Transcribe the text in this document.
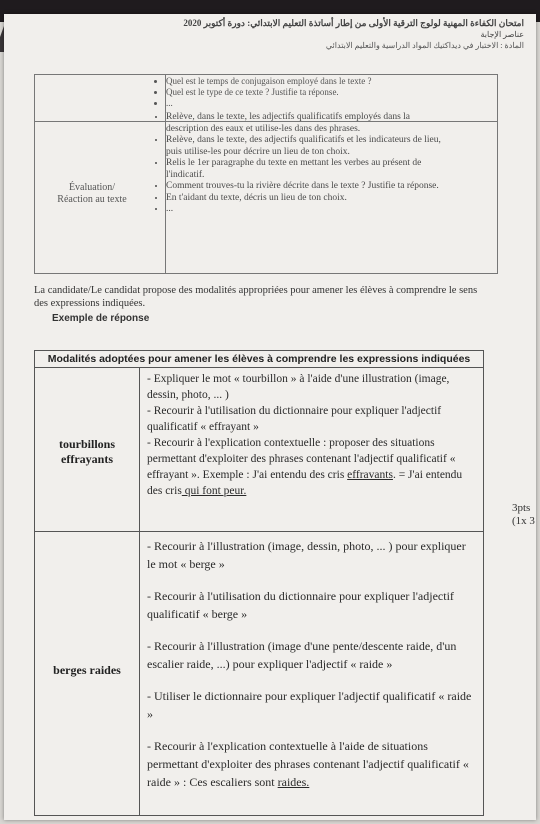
امتحان الكفاءة المهنية لولوج الترقية الأولى من إطار أساتذة التعليم الابتدائي: دورة أكتوبر 2020
عناصر الإجابة
المادة : الاختبار في ديداكتيك المواد الدراسية والتعليم الابتدائي
• Quel est le temps de conjugaison employé dans le texte ?
• Quel est le type de ce texte ? Justifie ta réponse.
• ...
• Relève, dans le texte, les adjectifs qualificatifs employés dans la description des eaux et utilise-les dans des phrases.
• Relève, dans le texte, des adjectifs qualificatifs et les indicateurs de lieu, puis utilise-les pour décrire un lieu de ton choix.
• Relis le 1er paragraphe du texte en mettant les verbes au présent de l'indicatif.
• Comment trouves-tu la rivière décrite dans le texte ? Justifie ta réponse.
• En t'aidant du texte, décris un lieu de ton choix.
• ...
Évaluation/
Réaction au texte
La candidate/Le candidat propose des modalités appropriées pour amener les élèves à comprendre le sens des expressions indiquées.
Exemple de réponse
Modalités adoptées pour amener les élèves à comprendre les expressions indiquées
tourbillons
effrayants

- Expliquer le mot « tourbillon » à l'aide d'une illustration (image, dessin, photo, ... )

- Recourir à l'utilisation du dictionnaire pour expliquer l'adjectif qualificatif « effrayant »

- Recourir à l'explication contextuelle : proposer des situations permettant d'exploiter des phrases contenant l'adjectif qualificatif « effrayant ». Exemple : J'ai entendu des cris effravants. = J'ai entendu des cris qui font peur.

berges raides

- Recourir à l'illustration (image, dessin, photo, ... ) pour expliquer le mot « berge »

- Recourir à l'utilisation du dictionnaire pour expliquer l'adjectif qualificatif « berge »

- Recourir à l'illustration (image d'une pente/descente raide, d'un escalier raide, ...) pour expliquer l'adjectif « raide »

- Utiliser le dictionnaire pour expliquer l'adjectif qualificatif « raide »

- Recourir à l'explication contextuelle à l'aide de situations permettant d'exploiter des phrases contenant l'adjectif qualificatif « raide » : Ces escaliers sont raides.

3pts
(1x 3
